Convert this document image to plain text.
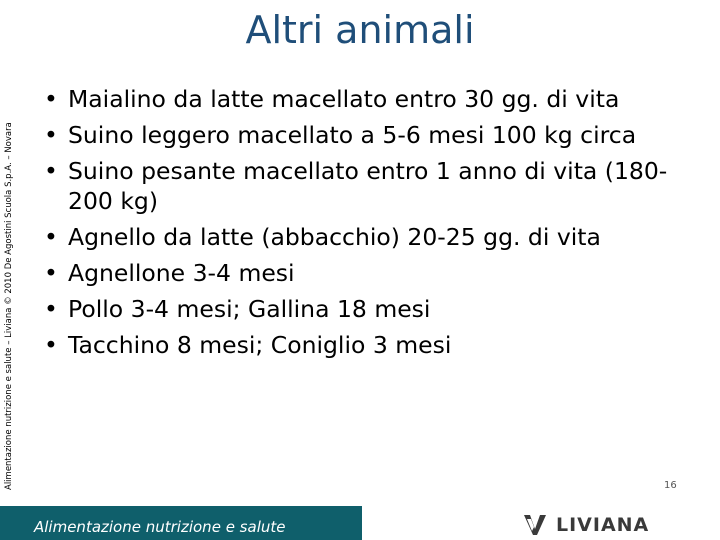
Altri animali
Alimentazione nutrizione e salute – Liviana © 2010 De Agostini Scuola S.p.A. – Novara
• Maialino da latte macellato entro 30 gg. di vita
• Suino leggero macellato a 5-6 mesi 100 kg circa
• Suino pesante macellato entro 1 anno di vita (180-200 kg)
• Agnello da latte (abbacchio) 20-25 gg. di vita
• Agnellone 3-4 mesi
• Pollo 3-4 mesi; Gallina 18 mesi
• Tacchino 8 mesi; Coniglio 3 mesi
Alimentazione nutrizione e salute
16
LIVIANA
